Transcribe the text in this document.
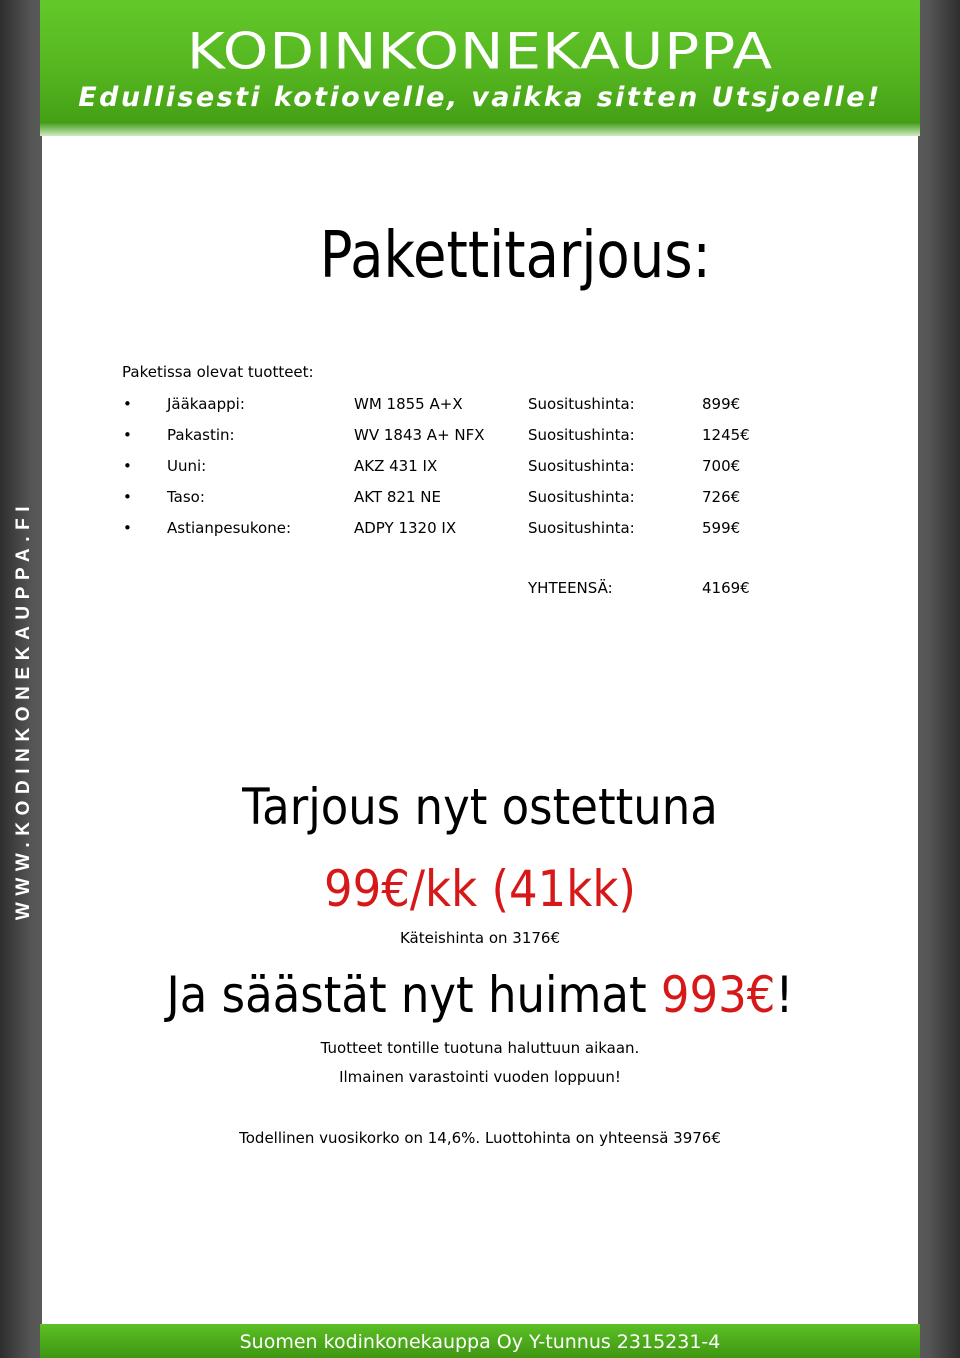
WWW.KODINKONEKAUPPA.FI
KODINKONEKAUPPA
Edullisesti kotiovelle, vaikka sitten Utsjoelle!
Pakettitarjous:
Paketissa olevat tuotteet:
• Jääkaappi:	WM 1855 A+X	Suositushinta:	899€
• Pakastin:	WV 1843 A+ NFX	Suositushinta:	1245€
• Uuni:	AKZ 431 IX	Suositushinta:	700€
• Taso:	AKT 821 NE	Suositushinta:	726€
• Astianpesukone:	ADPY 1320 IX	Suositushinta:	599€
YHTEENSÄ:	4169€
Tarjous nyt ostettuna
99€/kk (41kk)
Käteishinta on 3176€
Ja säästät nyt huimat 993€!
Tuotteet tontille tuotuna haluttuun aikaan.
Ilmainen varastointi vuoden loppuun!
Todellinen vuosikorko on 14,6%. Luottohinta on yhteensä 3976€
Suomen kodinkonekauppa Oy Y-tunnus 2315231-4
